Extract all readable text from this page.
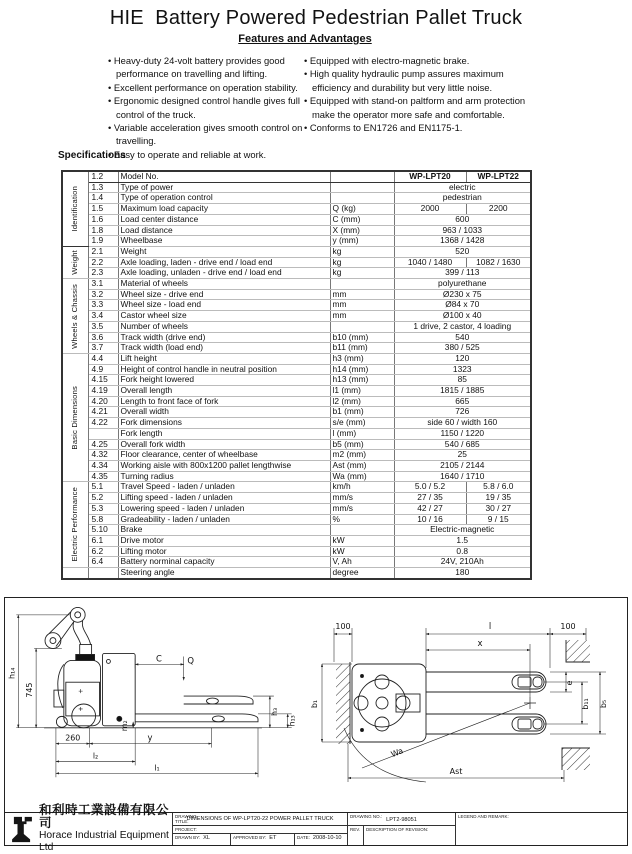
HIE  Battery Powered Pedestrian Pallet Truck
Features and Advantages
• Heavy-duty 24-volt battery provides good performance on travelling and lifting.
• Excellent performance on operation stability.
• Ergonomic designed control handle gives full control of the truck.
• Variable acceleration gives smooth control on travelling.
• Easy to operate and reliable at work.
• Equipped with electro-magnetic brake.
• High quality hydraulic pump assures maximum efficiency and durability but very little noise.
• Equipped with stand-on paltform and arm protection make the operator more safe and comfortable.
• Conforms to EN1726 and EN1175-1.
Specifications
Identification	1.2	Model No.		WP-LPT20	WP-LPT22
	1.3	Type of power		electric	
	1.4	Type of operation control		pedestrian	
	1.5	Maximum load capacity	Q (kg)	2000	2200
	1.6	Load center distance	C (mm)	600	
	1.8	Load distance	X (mm)	963 / 1033	
	1.9	Wheelbase	y (mm)	1368 / 1428	

Weight	2.1	Weight	kg	520	
	2.2	Axle loading, laden - drive end / load end	kg	1040 / 1480	1082 / 1630
	2.3	Axle loading, unladen - drive end / load end	kg	399 / 113	

Wheels & Chassis	3.1	Material of wheels		polyurethane	
	3.2	Wheel size - drive end	mm	Ø230 x 75	
	3.3	Wheel size - load end	mm	Ø84 x 70	
	3.4	Castor wheel size	mm	Ø100 x 40	
	3.5	Number of wheels		1 drive, 2 castor, 4 loading	
	3.6	Track width (drive end)	b10 (mm)	540	
	3.7	Track width (load end)	b11 (mm)	380 / 525	

Basic Dimensions	4.4	Lift height	h3 (mm)	120	
	4.9	Height of control handle in neutral position	h14 (mm)	1323	
	4.15	Fork height lowered	h13 (mm)	85	
	4.19	Overall length	l1 (mm)	1815 / 1885	
	4.20	Length to front face of fork	l2 (mm)	665	
	4.21	Overall width	b1 (mm)	726	
	4.22	Fork dimensions	s/e (mm)	side 60 / width 160	
		Fork length	l (mm)	1150 / 1220	
	4.25	Overall fork width	b5 (mm)	540 / 685	
	4.32	Floor clearance, center of wheelbase	m2 (mm)	25	
	4.34	Working aisle with 800x1200 pallet lengthwise	Ast (mm)	2105 / 2144	
	4.35	Turning radius	Wa (mm)	1640 / 1710	

Electric Performance	5.1	Travel Speed - laden / unladen	km/h	5.0 / 5.2	5.8 / 6.0
	5.2	Lifting speed - laden / unladen	mm/s	27 / 35	19 / 35
	5.3	Lowering speed - laden / unladen	mm/s	42 / 27	30 / 27
	5.8	Gradeability - laden / unladen	%	10 / 16	9 / 15
	5.10	Brake		Electric-magnetic	
	6.1	Drive motor	kW	1.5	
	6.2	Lifting motor	kW	0.8	
	6.4	Battery norminal capacity	V, Ah	24V, 210Ah	

		Steering angle	degree	180	
h₁₄
745
C	Q
m₂
h₃
h₁₃
260	y
l₂
l₁
100	l	100
x
b₁
e
b₁₁ b₅
Wa
Ast
和利時工業設備有限公司
Horace Industrial Equipment Ltd
DRAWING TITLE:
DIMENSIONS OF WP-LPT20-22 POWER PALLET TRUCK
PROJECT:
DRAWN BY: XL	APPROVED BY: ET	DATE: 2008-10-10
DRAWING NO.:
LPT2-98051
REV.	DESCRIPTION OF REVISION:
LEGEND AND REMARK:
